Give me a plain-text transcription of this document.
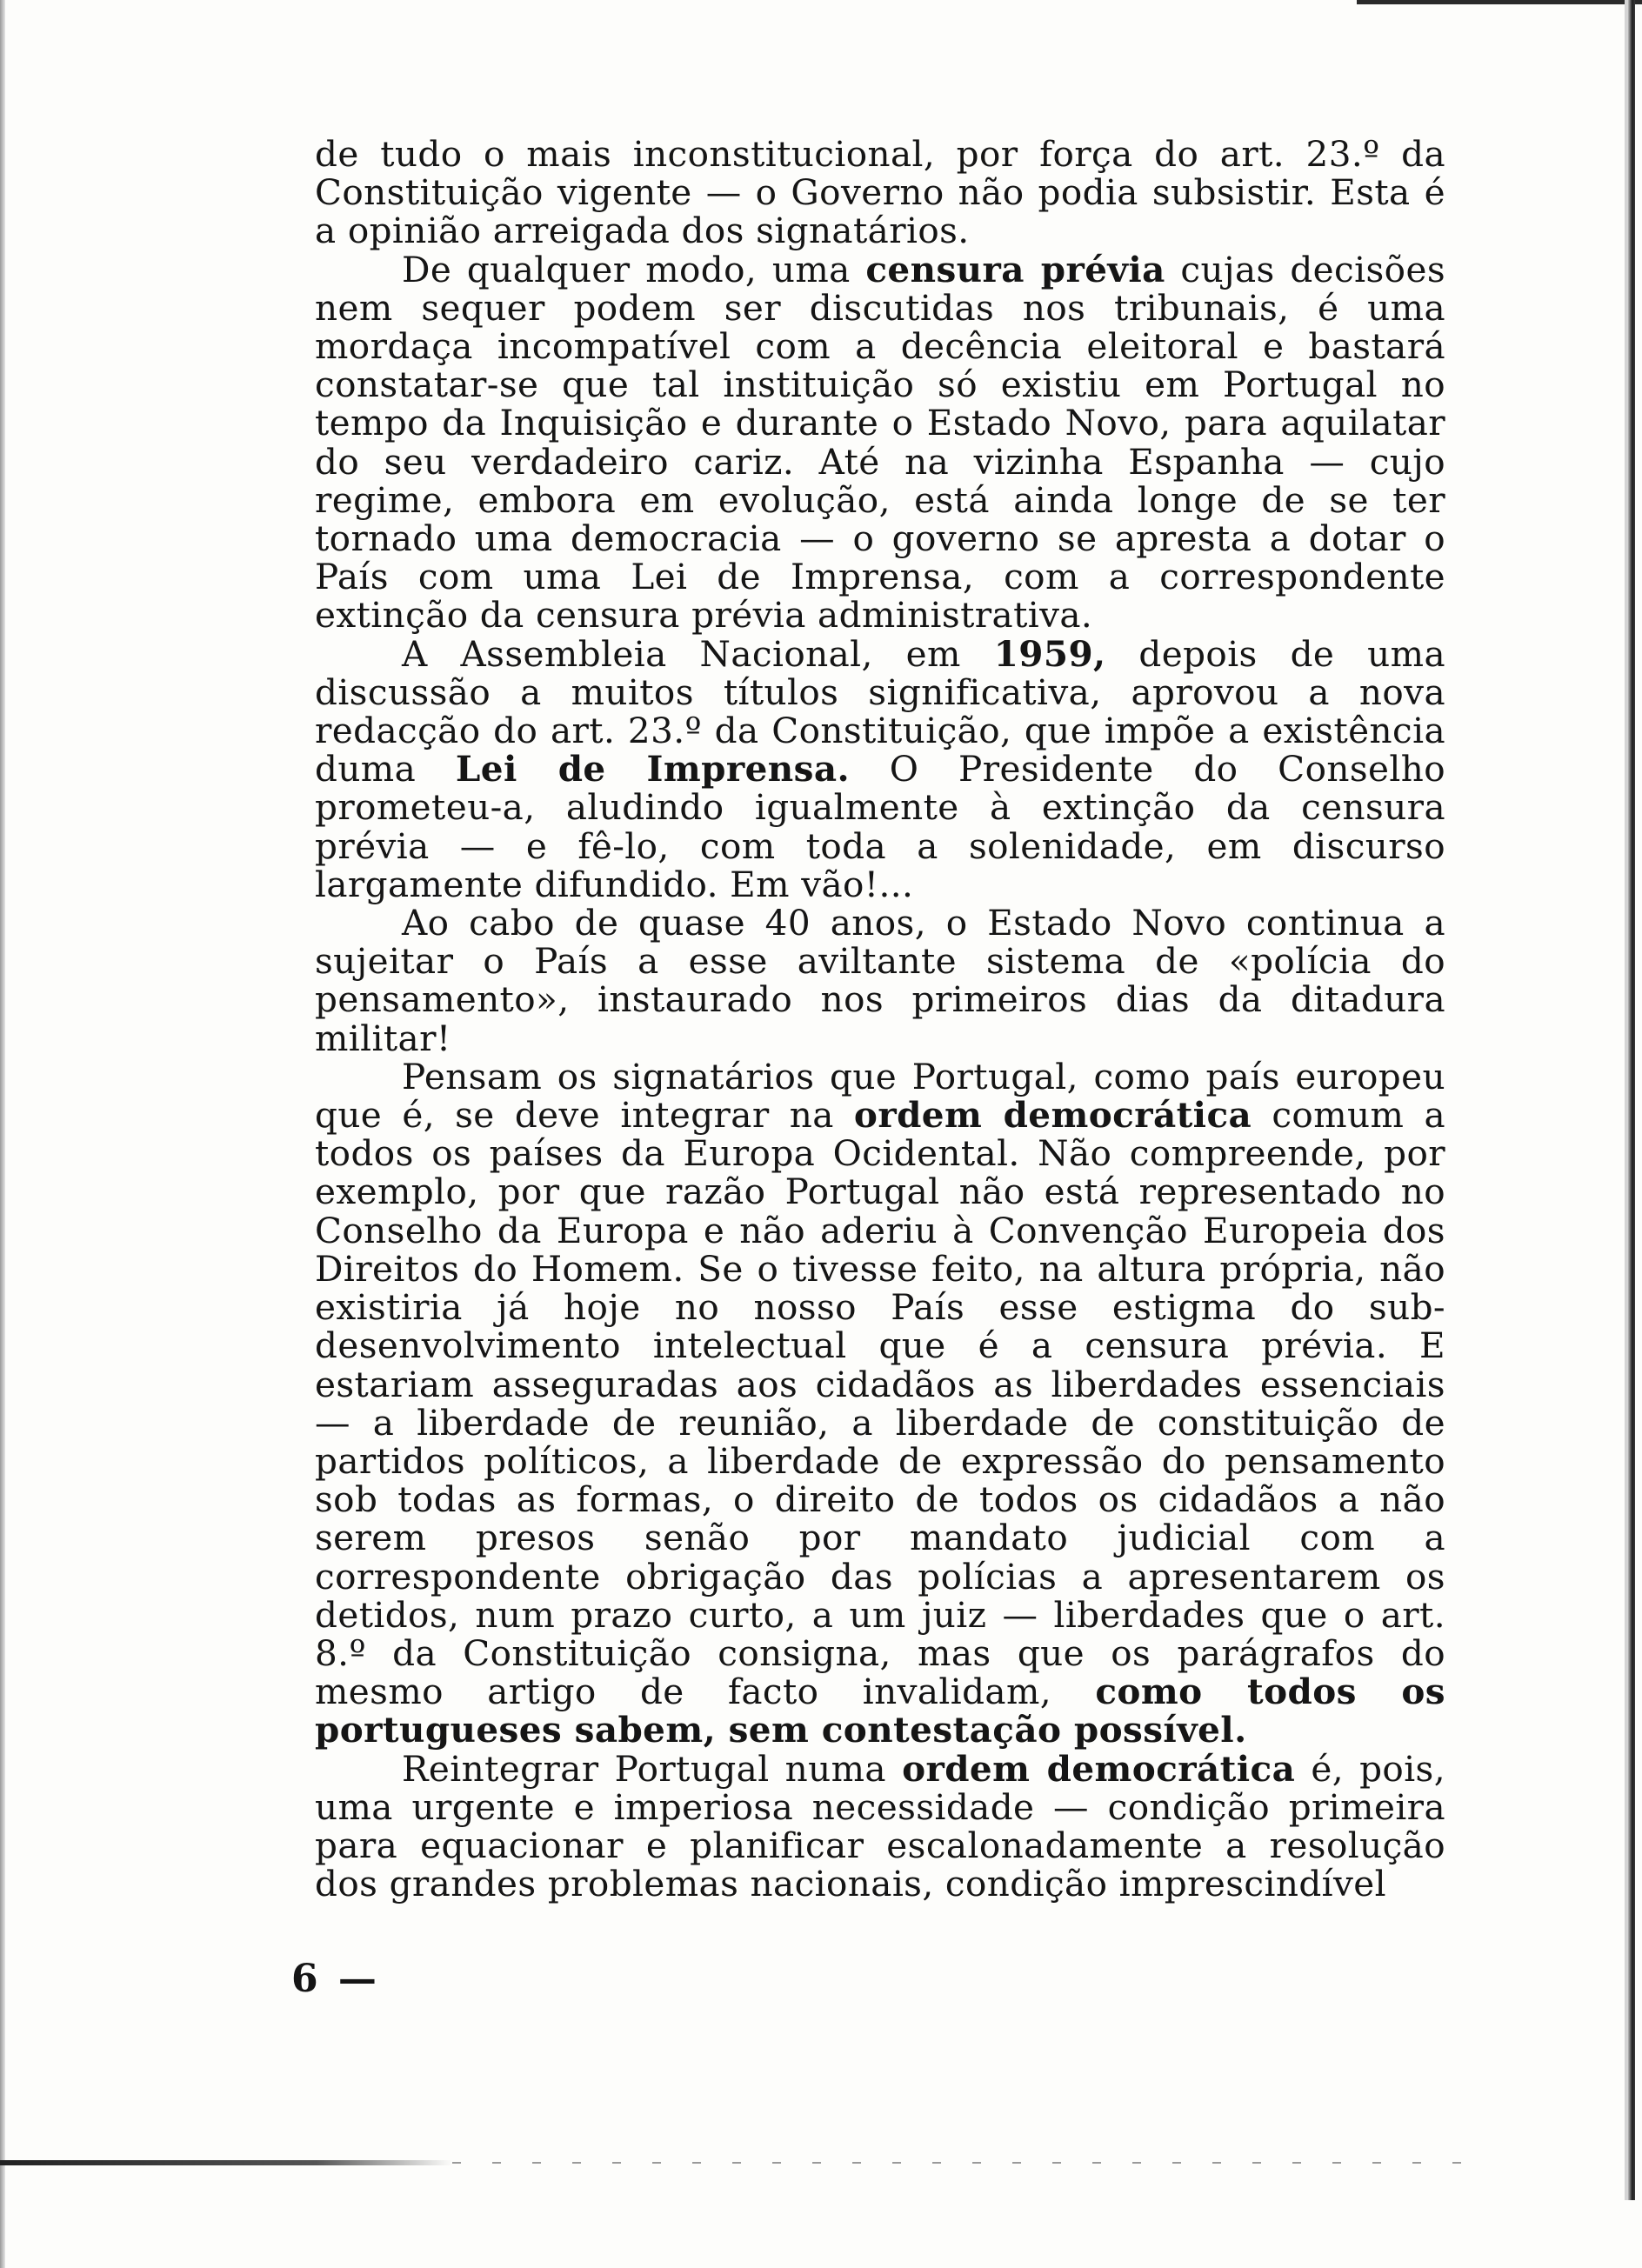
de tudo o mais inconstitucional, por força do art. 23.º da Constituição vigente — o Governo não podia subsistir. Esta é a opinião arreigada dos signatários.

De qualquer modo, uma censura prévia cujas decisões nem sequer podem ser discutidas nos tribunais, é uma mordaça incompatível com a decência eleitoral e bastará constatar-se que tal instituição só existiu em Portugal no tempo da Inquisição e durante o Estado Novo, para aquilatar do seu verdadeiro cariz. Até na vizinha Espanha — cujo regime, embora em evolução, está ainda longe de se ter tornado uma democracia — o governo se apresta a dotar o País com uma Lei de Imprensa, com a correspondente extinção da censura prévia administrativa.

A Assembleia Nacional, em 1959, depois de uma discussão a muitos títulos significativa, aprovou a nova redacção do art. 23.º da Constituição, que impõe a existência duma Lei de Imprensa. O Presidente do Conselho prometeu-a, aludindo igualmente à extinção da censura prévia — e fê-lo, com toda a solenidade, em discurso largamente difundido. Em vão!...

Ao cabo de quase 40 anos, o Estado Novo continua a sujeitar o País a esse aviltante sistema de «polícia do pensamento», instaurado nos primeiros dias da ditadura militar!

Pensam os signatários que Portugal, como país europeu que é, se deve integrar na ordem democrática comum a todos os países da Europa Ocidental. Não compreende, por exemplo, por que razão Portugal não está representado no Conselho da Europa e não aderiu à Convenção Europeia dos Direitos do Homem. Se o tivesse feito, na altura própria, não existiria já hoje no nosso País esse estigma do sub-desenvolvimento intelectual que é a censura prévia. E estariam asseguradas aos cidadãos as liberdades essenciais — a liberdade de reunião, a liberdade de constituição de partidos políticos, a liberdade de expressão do pensamento sob todas as formas, o direito de todos os cidadãos a não serem presos senão por mandato judicial com a correspondente obrigação das polícias a apresentarem os detidos, num prazo curto, a um juiz — liberdades que o art. 8.º da Constituição consigna, mas que os parágrafos do mesmo artigo de facto invalidam, como todos os portugueses sabem, sem contestação possível.

Reintegrar Portugal numa ordem democrática é, pois, uma urgente e imperiosa necessidade — condição primeira para equacionar e planificar escalonadamente a resolução dos grandes problemas nacionais, condição imprescindível

6 —
